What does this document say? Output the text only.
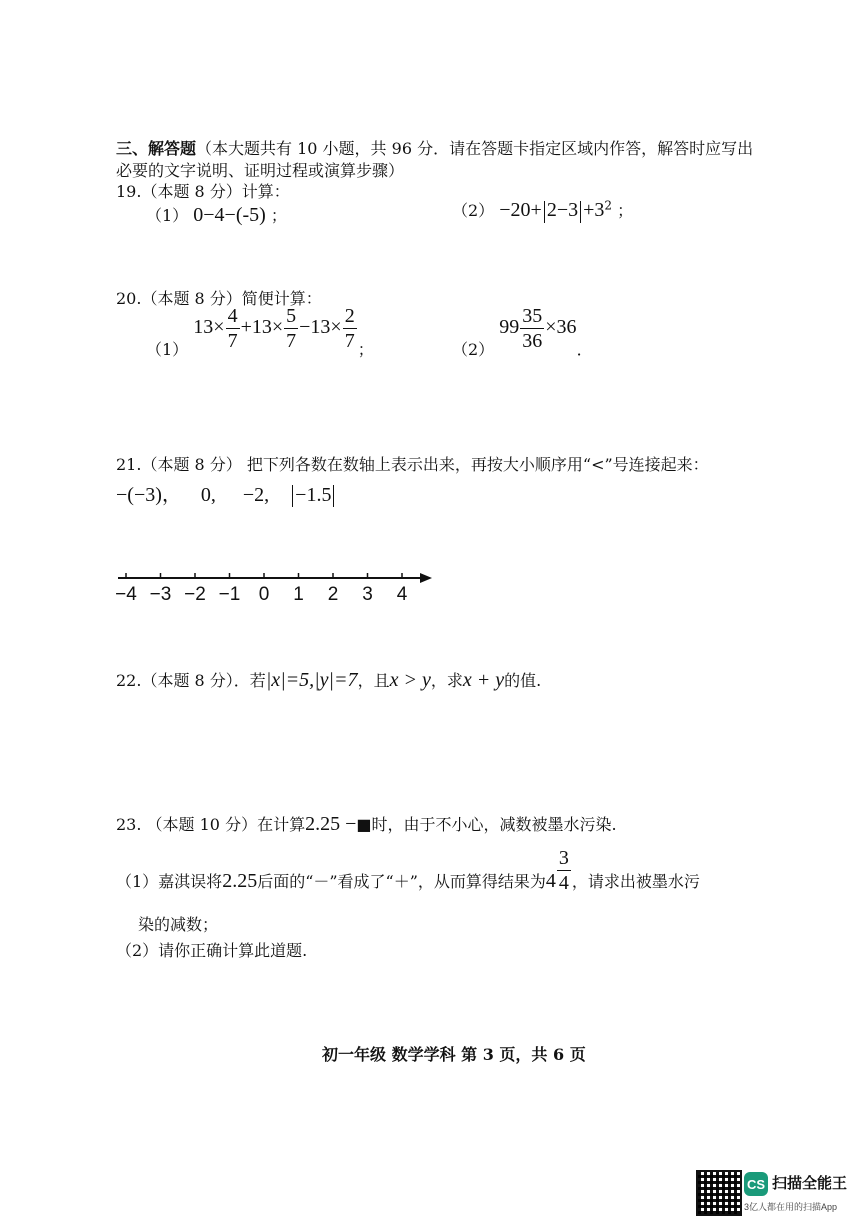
三、解答题（本大题共有 10 小题，共 96 分．请在答题卡指定区域内作答，解答时应写出
必要的文字说明、证明过程或演算步骤）
19.（本题 8 分）计算：
（1） 0−4−(-5) ；	$(2) -20+ 2-3 +3^2$ ；
20.（本题 8 分）简便计算：
（1） $13\times \frac{4}{7} +13\times \frac{5}{7} -13\times \frac{2}{7}$ ；	（2） $99 \frac{35}{36} \times 36$．
21.（本题 8 分） 把下列各数在数轴上表示出来，再按大小顺序用“<”号连接起来：
−(−3)， 0, −2, −1.5
−4 −3 −2 −1 0 1 2 3 4
22.（本题 8 分）．若|x|=5,|y|=7，且x > y，求x + y的值.
23. （本题 10 分）在计算2.25 −■时，由于不小心，减数被墨水污染.
（1）嘉淇误将2.25后面的“－”看成了“＋”，从而算得结果为$4 \frac{3}{4}$ ，请求出被墨水污
染的减数；
（2）请你正确计算此道题.
初一年级 数学学科 第 3 页，共 6 页
CS 扫描全能王
3亿人都在用的扫描App
